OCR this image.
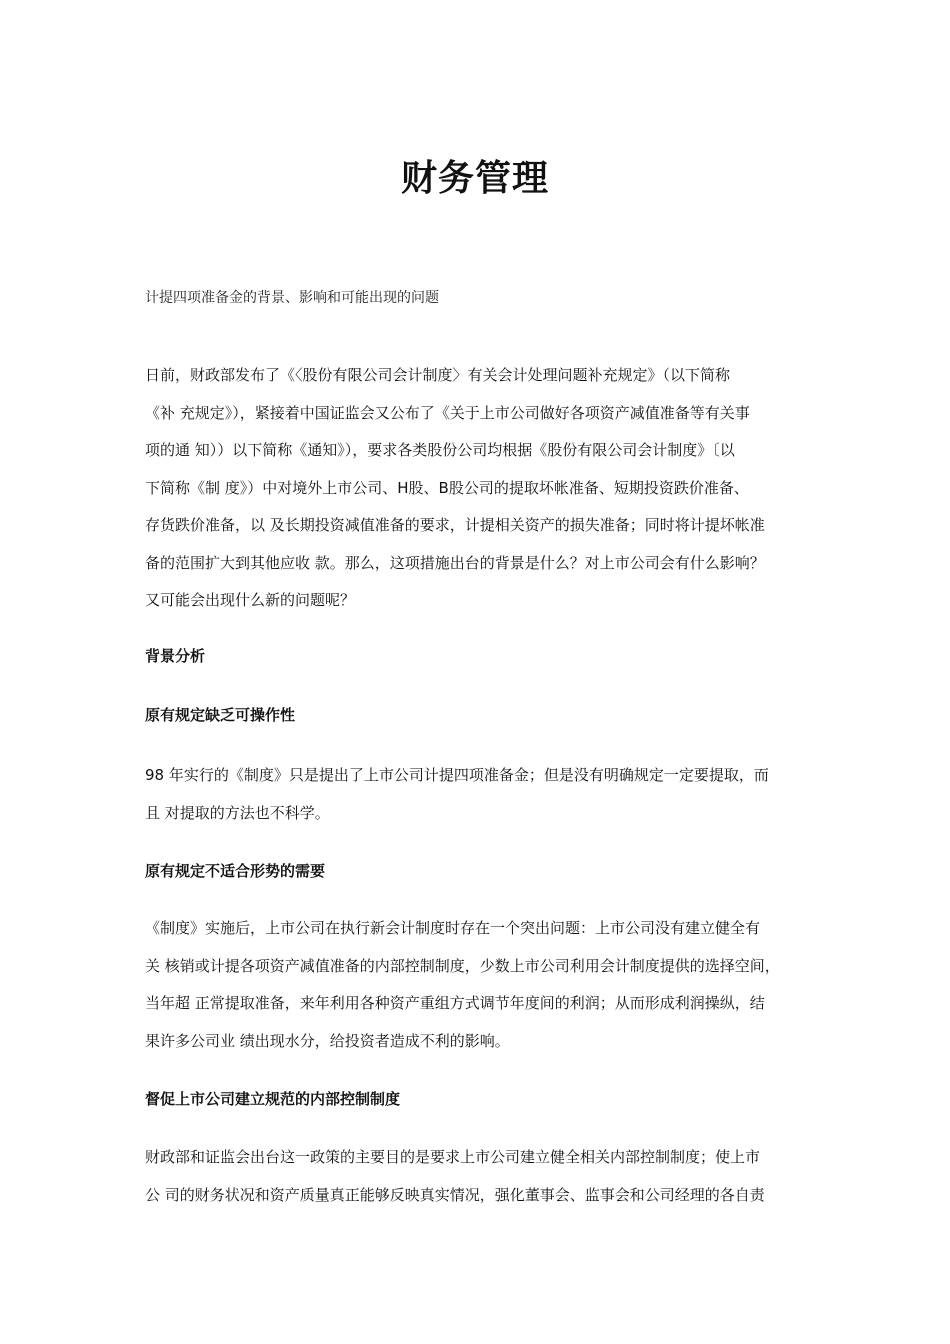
财务管理
计提四项准备金的背景、影响和可能出现的问题

日前，财政部发布了《〈股份有限公司会计制度〉有关会计处理问题补充规定》（以下简称
《补 充规定》），紧接着中国证监会又公布了《关于上市公司做好各项资产减值准备等有关事
项的通 知））以下简称《通知》），要求各类股份公司均根据《股份有限公司会计制度》〔以
下简称《制 度》）中对境外上市公司、H股、B股公司的提取坏帐准备、短期投资跌价准备、
存货跌价准备，以 及长期投资减值准备的要求，计提相关资产的损失准备；同时将计提坏帐准
备的范围扩大到其他应收 款。那么，这项措施出台的背景是什么？对上市公司会有什么影响？
又可能会出现什么新的问题呢？

背景分析

原有规定缺乏可操作性

98 年实行的《制度》只是提出了上市公司计提四项准备金；但是没有明确规定一定要提取，而
且 对提取的方法也不科学。

原有规定不适合形势的需要

《制度》实施后，上市公司在执行新会计制度时存在一个突出问题：上市公司没有建立健全有
关 核销或计提各项资产减值准备的内部控制制度，少数上市公司利用会计制度提供的选择空间，
当年超 正常提取准备，来年利用各种资产重组方式调节年度间的利润；从而形成利润操纵，结
果许多公司业 绩出现水分，给投资者造成不利的影响。

督促上市公司建立规范的内部控制制度

财政部和证监会出台这一政策的主要目的是要求上市公司建立健全相关内部控制制度；使上市
公 司的财务状况和资产质量真正能够反映真实情况，强化董事会、监事会和公司经理的各自责
